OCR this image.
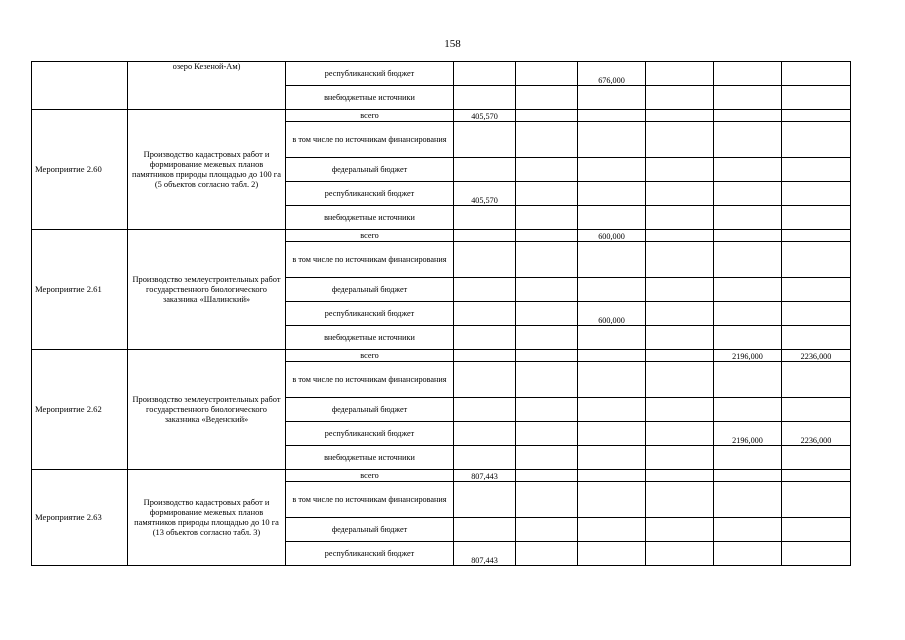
158
	озеро Кезеной-Ам)	республиканский бюджет			676,000			
		внебюджетные источники						
Мероприятие 2.60	Производство кадастровых работ и формирование межевых планов памятников природы площадью до 100 га (5 объектов согласно табл. 2)	всего	405,570					
		в том числе по источникам финансирования						
		федеральный бюджет						
		республиканский бюджет	405,570					
		внебюджетные источники						
Мероприятие 2.61	Производство землеустроительных работ государственного биологического заказника «Шалинский»	всего			600,000			
		в том числе по источникам финансирования						
		федеральный бюджет						
		республиканский бюджет			600,000			
		внебюджетные источники						
Мероприятие 2.62	Производство землеустроительных работ государственного биологического заказника «Веденский»	всего					2196,000	2236,000
		в том числе по источникам финансирования						
		федеральный бюджет						
		республиканский бюджет					2196,000	2236,000
		внебюджетные источники						
Мероприятие 2.63	Производство кадастровых работ и формирование межевых планов памятников природы площадью до 10 га (13 объектов согласно табл. 3)	всего	807,443					
		в том числе по источникам финансирования						
		федеральный бюджет						
		республиканский бюджет	807,443					
